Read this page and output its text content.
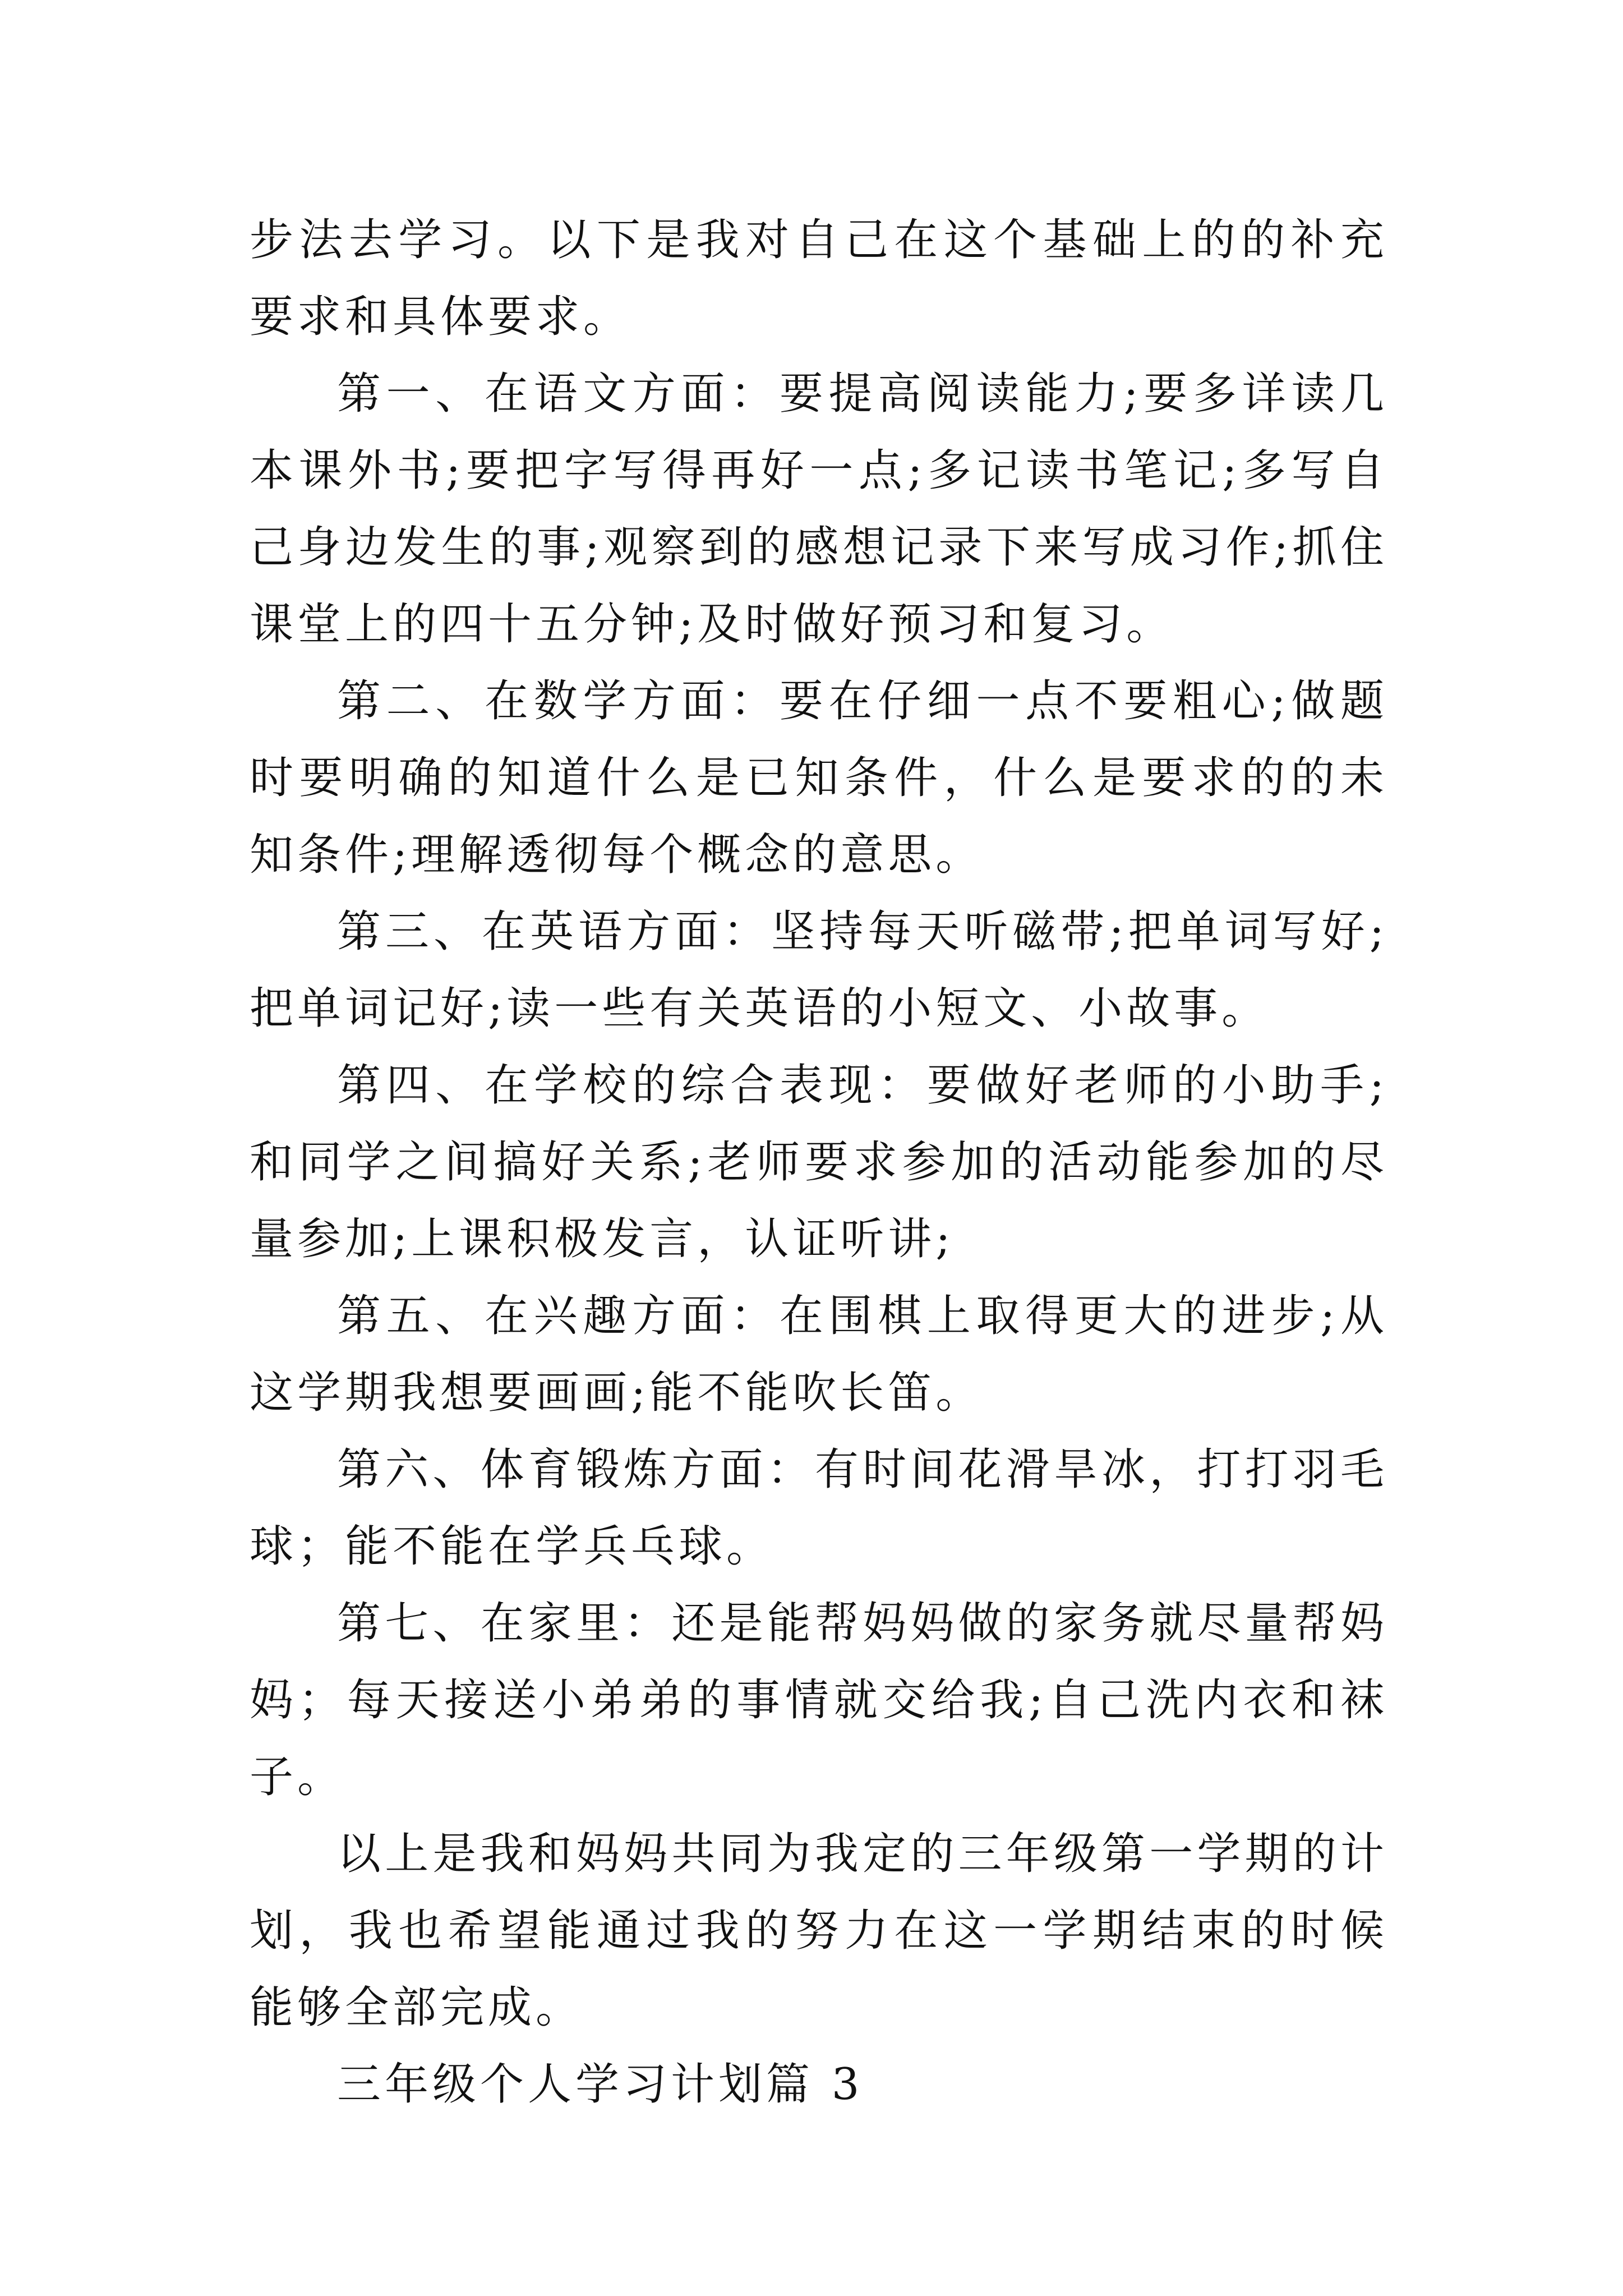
步法去学习。以下是我对自己在这个基础上的的补充要求和具体要求。

第一、在语文方面：要提高阅读能力;要多详读几本课外书;要把字写得再好一点;多记读书笔记;多写自己身边发生的事;观察到的感想记录下来写成习作;抓住课堂上的四十五分钟;及时做好预习和复习。

第二、在数学方面：要在仔细一点不要粗心;做题时要明确的知道什么是已知条件，什么是要求的的未知条件;理解透彻每个概念的意思。

第三、在英语方面：坚持每天听磁带;把单词写好;把单词记好;读一些有关英语的小短文、小故事。

第四、在学校的综合表现：要做好老师的小助手;和同学之间搞好关系;老师要求参加的活动能参加的尽量参加;上课积极发言，认证听讲;

第五、在兴趣方面：在围棋上取得更大的进步;从这学期我想要画画;能不能吹长笛。

第六、体育锻炼方面：有时间花滑旱冰，打打羽毛球；能不能在学兵乓球。

第七、在家里：还是能帮妈妈做的家务就尽量帮妈妈；每天接送小弟弟的事情就交给我;自己洗内衣和袜子。

以上是我和妈妈共同为我定的三年级第一学期的计划，我也希望能通过我的努力在这一学期结束的时候能够全部完成。

三年级个人学习计划篇 3
